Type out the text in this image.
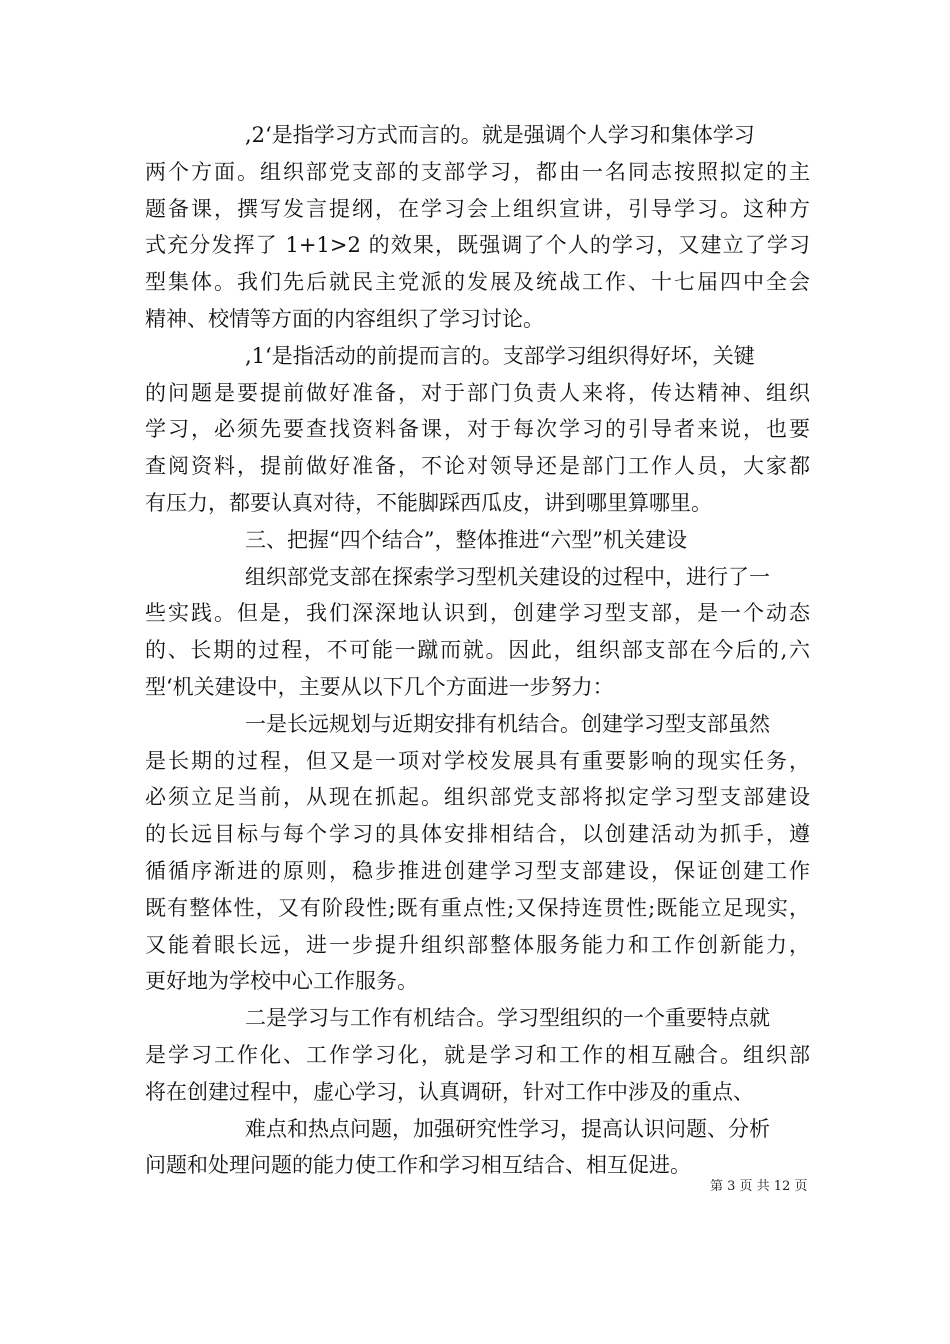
,2‘是指学习方式而言的。就是强调个人学习和集体学习
两个方面。组织部党支部的支部学习，都由一名同志按照拟定的主
题备课，撰写发言提纲，在学习会上组织宣讲，引导学习。这种方
式充分发挥了 1+1>2 的效果，既强调了个人的学习，又建立了学习
型集体。我们先后就民主党派的发展及统战工作、十七届四中全会
精神、校情等方面的内容组织了学习讨论。
,1‘是指活动的前提而言的。支部学习组织得好坏，关键
的问题是要提前做好准备，对于部门负责人来将，传达精神、组织
学习，必须先要查找资料备课，对于每次学习的引导者来说，也要
查阅资料，提前做好准备，不论对领导还是部门工作人员，大家都
有压力，都要认真对待，不能脚踩西瓜皮，讲到哪里算哪里。
三、把握“四个结合”，整体推进“六型”机关建设
组织部党支部在探索学习型机关建设的过程中，进行了一
些实践。但是，我们深深地认识到，创建学习型支部，是一个动态
的、长期的过程，不可能一蹴而就。因此，组织部支部在今后的,六
型‘机关建设中，主要从以下几个方面进一步努力：
一是长远规划与近期安排有机结合。创建学习型支部虽然
是长期的过程，但又是一项对学校发展具有重要影响的现实任务，
必须立足当前，从现在抓起。组织部党支部将拟定学习型支部建设
的长远目标与每个学习的具体安排相结合，以创建活动为抓手，遵
循循序渐进的原则，稳步推进创建学习型支部建设，保证创建工作
既有整体性，又有阶段性;既有重点性;又保持连贯性;既能立足现实，
又能着眼长远，进一步提升组织部整体服务能力和工作创新能力，
更好地为学校中心工作服务。
二是学习与工作有机结合。学习型组织的一个重要特点就
是学习工作化、工作学习化，就是学习和工作的相互融合。组织部
将在创建过程中，虚心学习，认真调研，针对工作中涉及的重点、
难点和热点问题，加强研究性学习，提高认识问题、分析
问题和处理问题的能力使工作和学习相互结合、相互促进。
第 3 页 共 12 页
